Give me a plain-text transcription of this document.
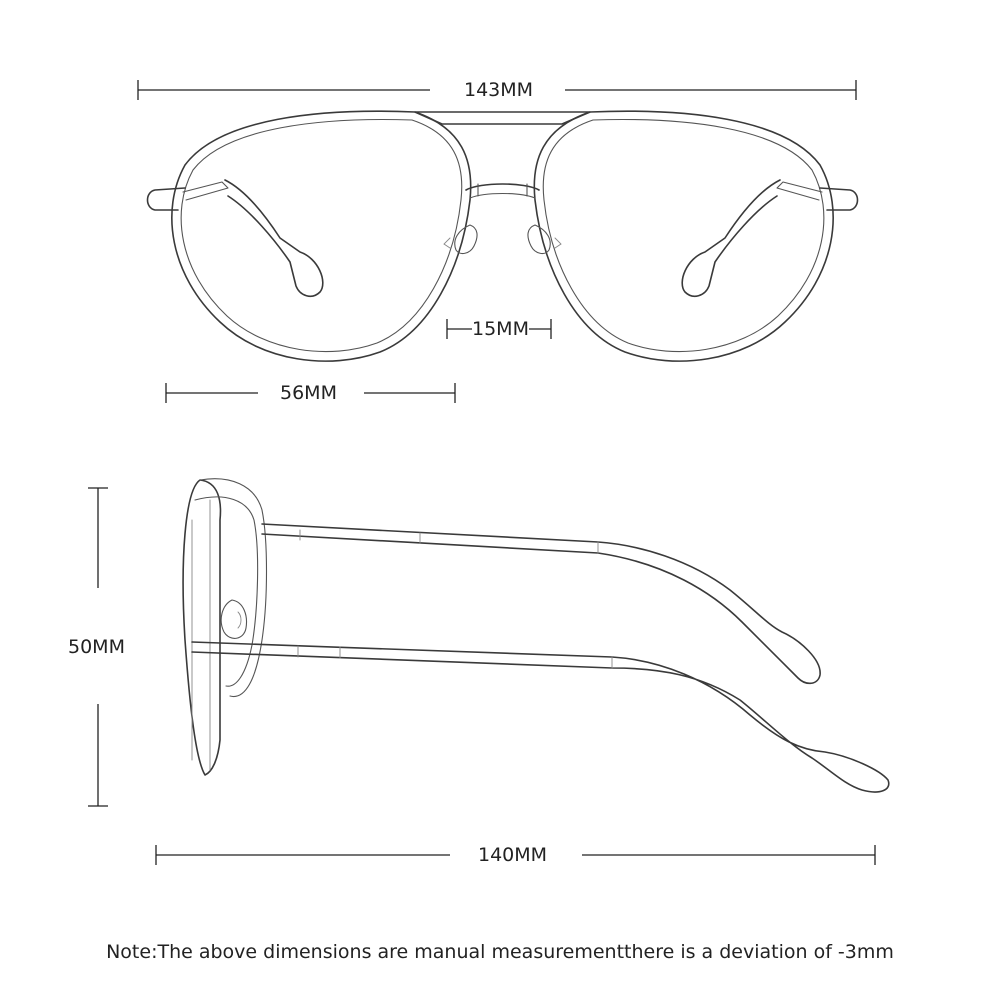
143MM
15MM
56MM
50MM
140MM
Note:The above dimensions are manual measurementthere is a deviation of -3mm
